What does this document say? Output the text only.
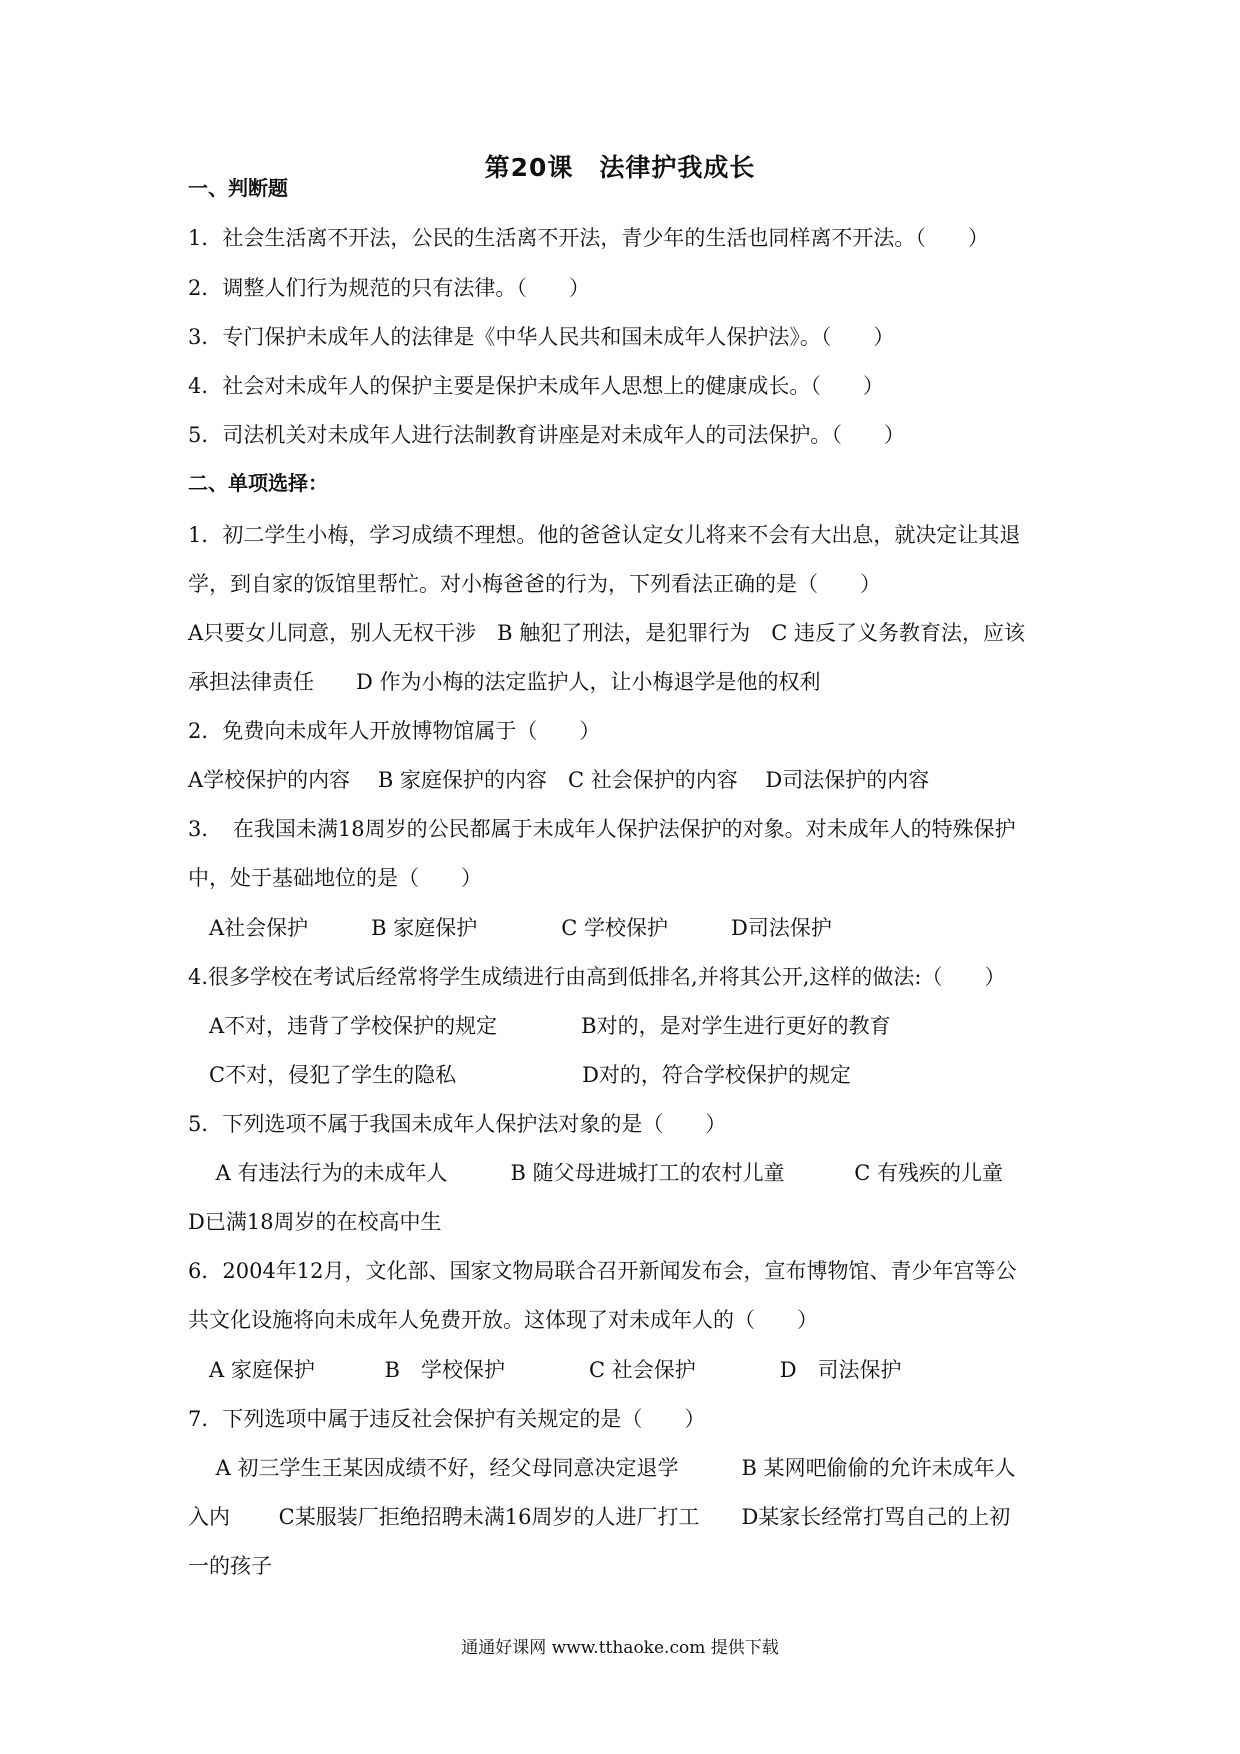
第20课　法律护我成长
一、判断题
1．社会生活离不开法，公民的生活离不开法，青少年的生活也同样离不开法。（　　）
2．调整人们行为规范的只有法律。（　　）
3．专门保护未成年人的法律是《中华人民共和国未成年人保护法》。（　　）
4．社会对未成年人的保护主要是保护未成年人思想上的健康成长。（　　）
5．司法机关对未成年人进行法制教育讲座是对未成年人的司法保护。（　　）
二、单项选择：
1．初二学生小梅，学习成绩不理想。他的爸爸认定女儿将来不会有大出息，就决定让其退
学，到自家的饭馆里帮忙。对小梅爸爸的行为，下列看法正确的是（　　）
A只要女儿同意，别人无权干涉　B 触犯了刑法，是犯罪行为　C 违反了义务教育法，应该
承担法律责任　　D 作为小梅的法定监护人，让小梅退学是他的权利
2．免费向未成年人开放博物馆属于（　　）
A学校保护的内容　 B 家庭保护的内容　C 社会保护的内容　 D司法保护的内容
3．　在我国未满18周岁的公民都属于未成年人保护法保护的对象。对未成年人的特殊保护
中，处于基础地位的是（　　）
　A社会保护　　　B 家庭保护　　　　C 学校保护　　　D司法保护
4.很多学校在考试后经常将学生成绩进行由高到低排名,并将其公开,这样的做法:（　　）
　A不对，违背了学校保护的规定　　　　B对的，是对学生进行更好的教育
　C不对，侵犯了学生的隐私　　　　　　D对的，符合学校保护的规定
5．下列选项不属于我国未成年人保护法对象的是（　　）
　 A 有违法行为的未成年人　　　B 随父母进城打工的农村儿童　　　 C 有残疾的儿童
D已满18周岁的在校高中生
6．2004年12月，文化部、国家文物局联合召开新闻发布会，宣布博物馆、青少年宫等公
共文化设施将向未成年人免费开放。这体现了对未成年人的（　　）
　A 家庭保护　　　 B　学校保护　　　　C 社会保护　　　　D　司法保护
7．下列选项中属于违反社会保护有关规定的是（　　）
　 A 初三学生王某因成绩不好，经父母同意决定退学　　　B 某网吧偷偷的允许未成年人
入内　　 C某服装厂拒绝招聘未满16周岁的人进厂打工　　D某家长经常打骂自己的上初
一的孩子
通通好课网 www.tthaoke.com 提供下载
